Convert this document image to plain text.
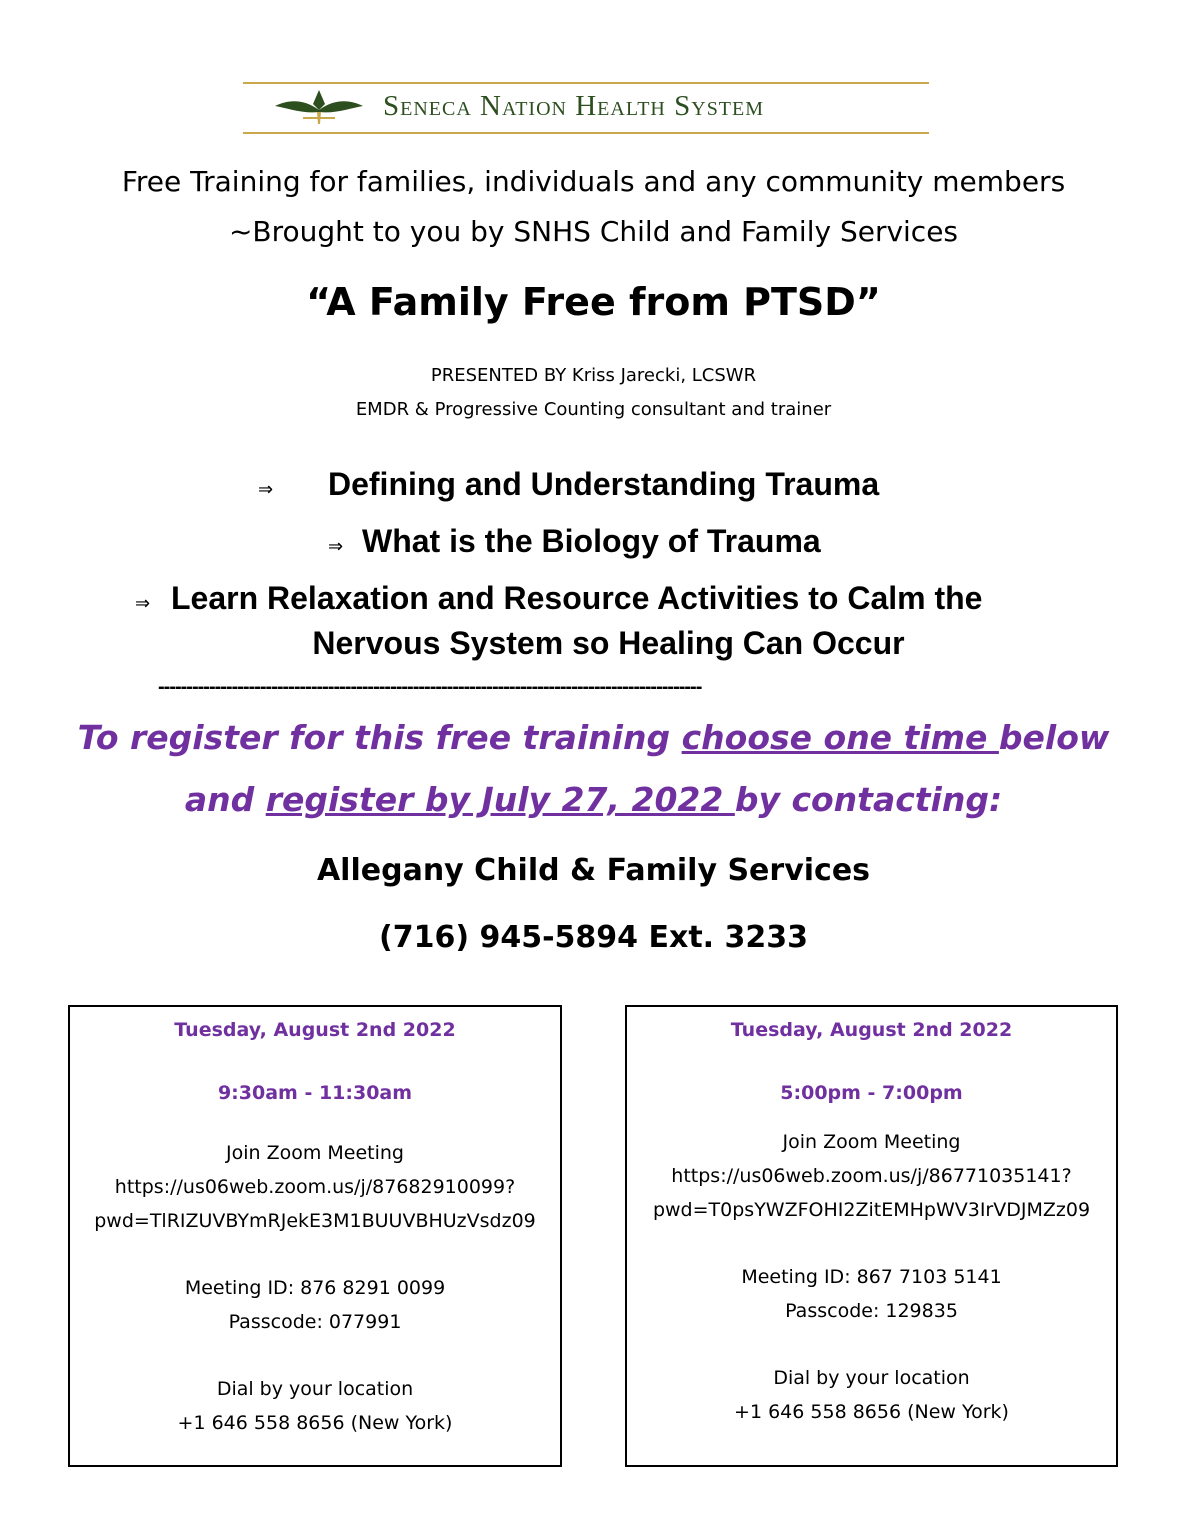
Seneca Nation Health System
Free Training for families, individuals and any community members
~Brought to you by SNHS Child and Family Services
“A Family Free from PTSD”
PRESENTED BY Kriss Jarecki, LCSWR
EMDR & Progressive Counting consultant and trainer
⇒ Defining and Understanding Trauma
⇒ What is the Biology of Trauma
⇒ Learn Relaxation and Resource Activities to Calm the
Nervous System so Healing Can Occur
------------------------------------------------------------------------------------------------
To register for this free training choose one time below
and register by July 27, 2022 by contacting:
Allegany Child & Family Services
(716) 945-5894 Ext. 3233
Tuesday, August 2nd 2022
9:30am - 11:30am
Join Zoom Meeting
https://us06web.zoom.us/j/87682910099?
pwd=TlRIZUVBYmRJekE3M1BUUVBHUzVsdz09
Meeting ID: 876 8291 0099
Passcode: 077991
Dial by your location
+1 646 558 8656 (New York)
Tuesday, August 2nd 2022
5:00pm - 7:00pm
Join Zoom Meeting
https://us06web.zoom.us/j/86771035141?
pwd=T0psYWZFOHI2ZitEMHpWV3IrVDJMZz09
Meeting ID: 867 7103 5141
Passcode: 129835
Dial by your location
+1 646 558 8656 (New York)
